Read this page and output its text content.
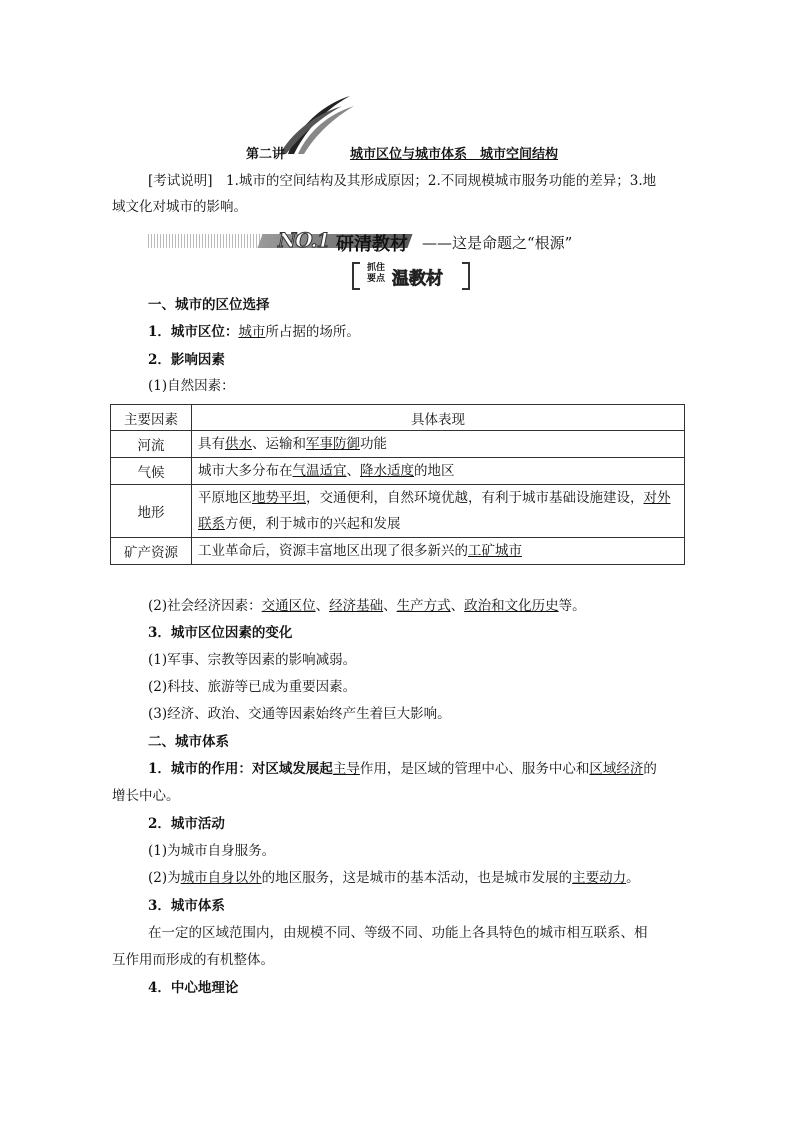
第二讲	城市区位与城市体系　城市空间结构
[考试说明]　1.城市的空间结构及其形成原因；2.不同规模城市服务功能的差异；3.地
域文化对城市的影响。
NO.1 研清教材 ——这是命题之“根源”
抓住
要点 温教材
一、城市的区位选择
1．城市区位：城市所占据的场所。
2．影响因素
(1)自然因素：
主要因素	具体表现
河流	具有供水、运输和军事防御功能
气候	城市大多分布在气温适宜、降水适度的地区
地形	平原地区地势平坦，交通便利，自然环境优越，有利于城市基础设施建设，对外联系方便，利于城市的兴起和发展
矿产资源	工业革命后，资源丰富地区出现了很多新兴的工矿城市
(2)社会经济因素：交通区位、经济基础、生产方式、政治和文化历史等。
3．城市区位因素的变化
(1)军事、宗教等因素的影响减弱。
(2)科技、旅游等已成为重要因素。
(3)经济、政治、交通等因素始终产生着巨大影响。
二、城市体系
1．城市的作用：对区域发展起主导作用，是区域的管理中心、服务中心和区域经济的
增长中心。
2．城市活动
(1)为城市自身服务。
(2)为城市自身以外的地区服务，这是城市的基本活动，也是城市发展的主要动力。
3．城市体系
在一定的区域范围内，由规模不同、等级不同、功能上各具特色的城市相互联系、相
互作用而形成的有机整体。
4．中心地理论
